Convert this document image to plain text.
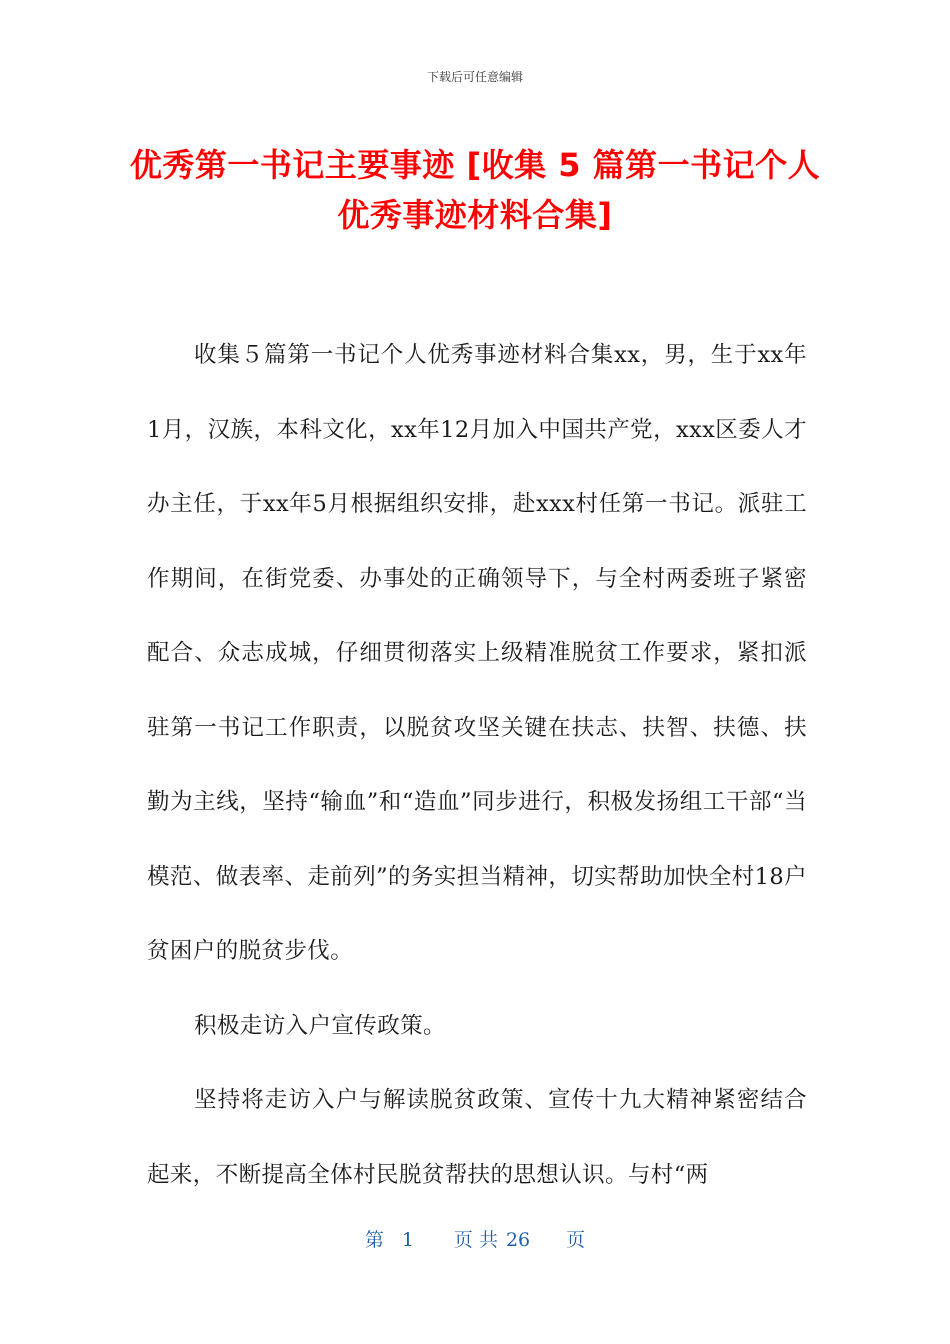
下载后可任意编辑
优秀第一书记主要事迹 [收集 5 篇第一书记个人优秀事迹材料合集]

收集５篇第一书记个人优秀事迹材料合集xx，男，生于xx年1月，汉族，本科文化，xx年12月加入中国共产党，xxx区委人才办主任，于xx年5月根据组织安排，赴xxx村任第一书记。派驻工作期间，在街党委、办事处的正确领导下，与全村两委班子紧密配合、众志成城，仔细贯彻落实上级精准脱贫工作要求，紧扣派驻第一书记工作职责，以脱贫攻坚关键在扶志、扶智、扶德、扶勤为主线，坚持“输血”和“造血”同步进行，积极发扬组工干部“当模范、做表率、走前列”的务实担当精神，切实帮助加快全村18户贫困户的脱贫步伐。

积极走访入户宣传政策。

坚持将走访入户与解读脱贫政策、宣传十九大精神紧密结合起来，不断提高全体村民脱贫帮扶的思想认识。与村“两

第 1 页 共 26 页
